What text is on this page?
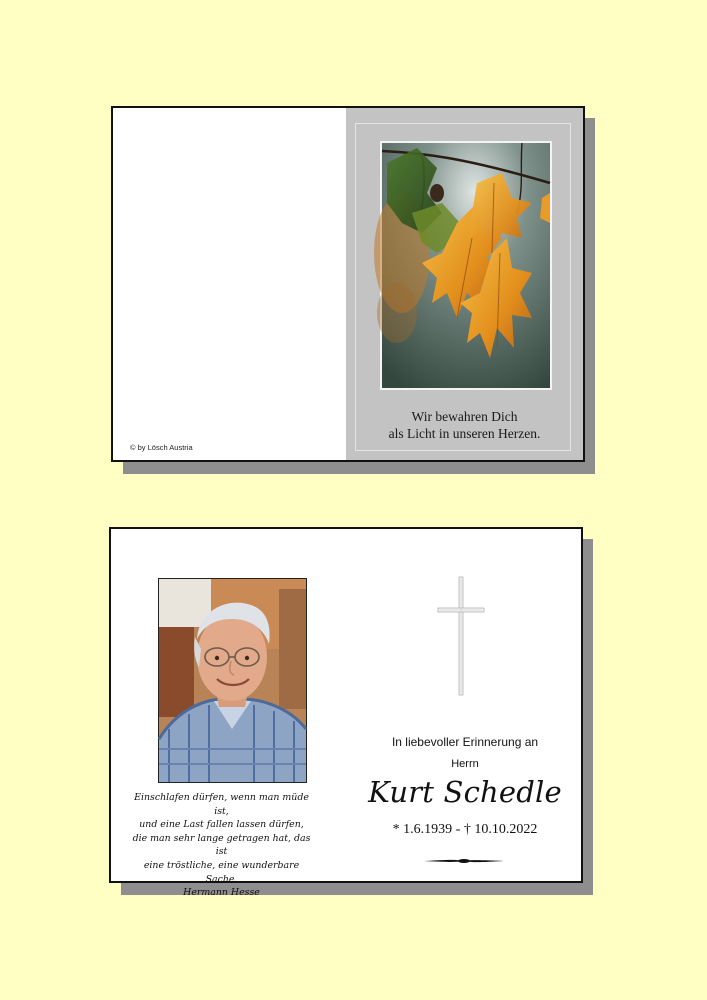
© by Lösch Austria
Wir bewahren Dich
als Licht in unseren Herzen.
Einschlafen dürfen, wenn man müde ist,
und eine Last fallen lassen dürfen,
die man sehr lange getragen hat, das ist
eine tröstliche, eine wunderbare Sache.
Hermann Hesse
In liebevoller Erinnerung an
Herrn
Kurt Schedle
* 1.6.1939 - † 10.10.2022
